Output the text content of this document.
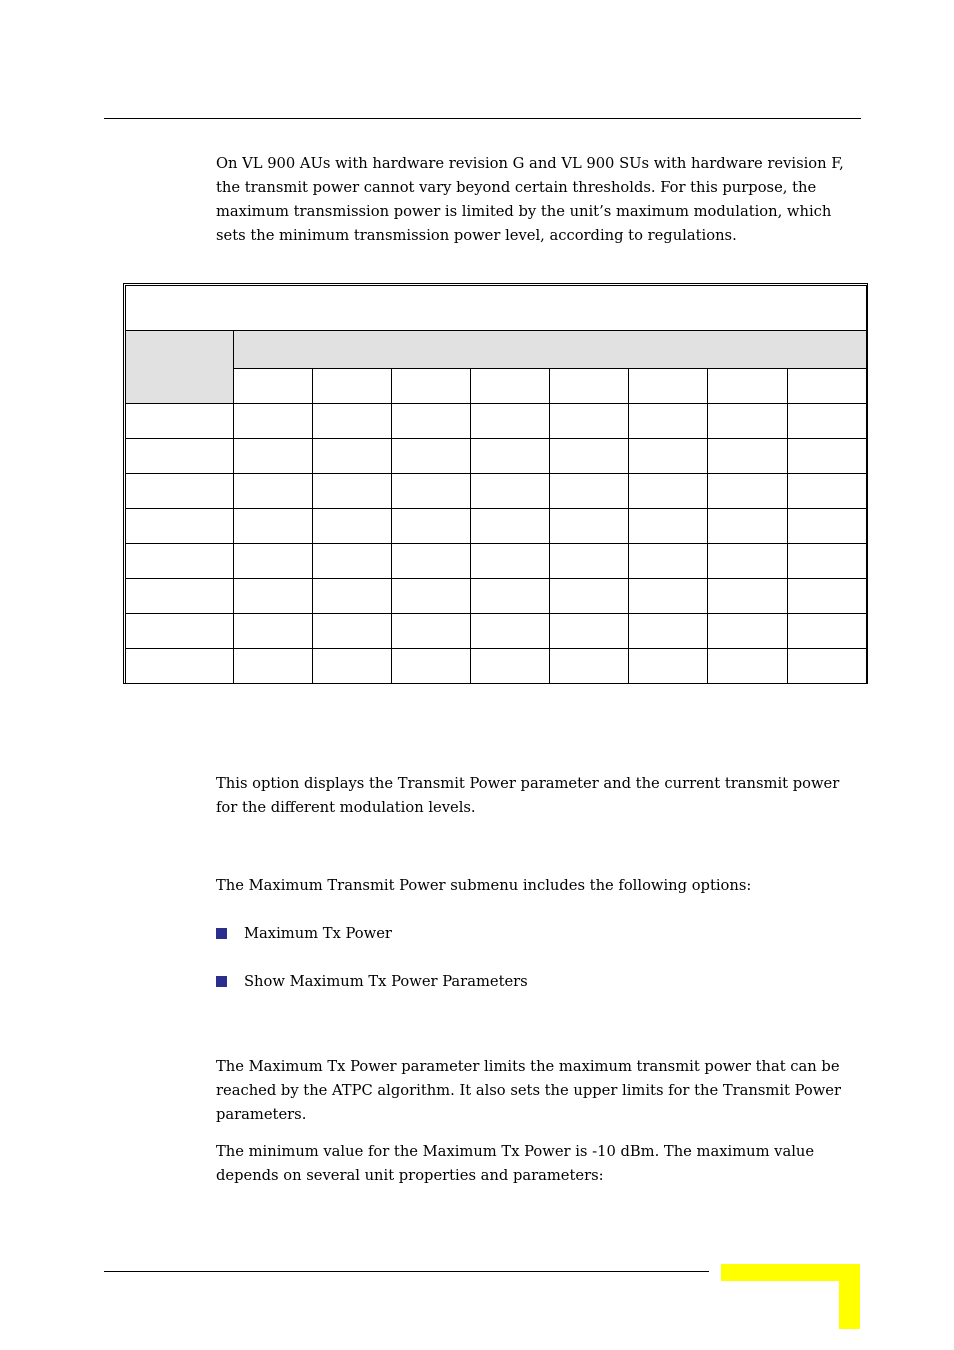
On VL 900 AUs with hardware revision G and VL 900 SUs with hardware revision F, the transmit power cannot vary beyond certain thresholds. For this purpose, the maximum transmission power is limited by the unit’s maximum modulation, which sets the minimum transmission power level, according to regulations.

This option displays the Transmit Power parameter and the current transmit power for the different modulation levels.

The Maximum Transmit Power submenu includes the following options:

Maximum Tx Power
Show Maximum Tx Power Parameters

The Maximum Tx Power parameter limits the maximum transmit power that can be reached by the ATPC algorithm. It also sets the upper limits for the Transmit Power parameters.

The minimum value for the Maximum Tx Power is -10 dBm. The maximum value depends on several unit properties and parameters:
